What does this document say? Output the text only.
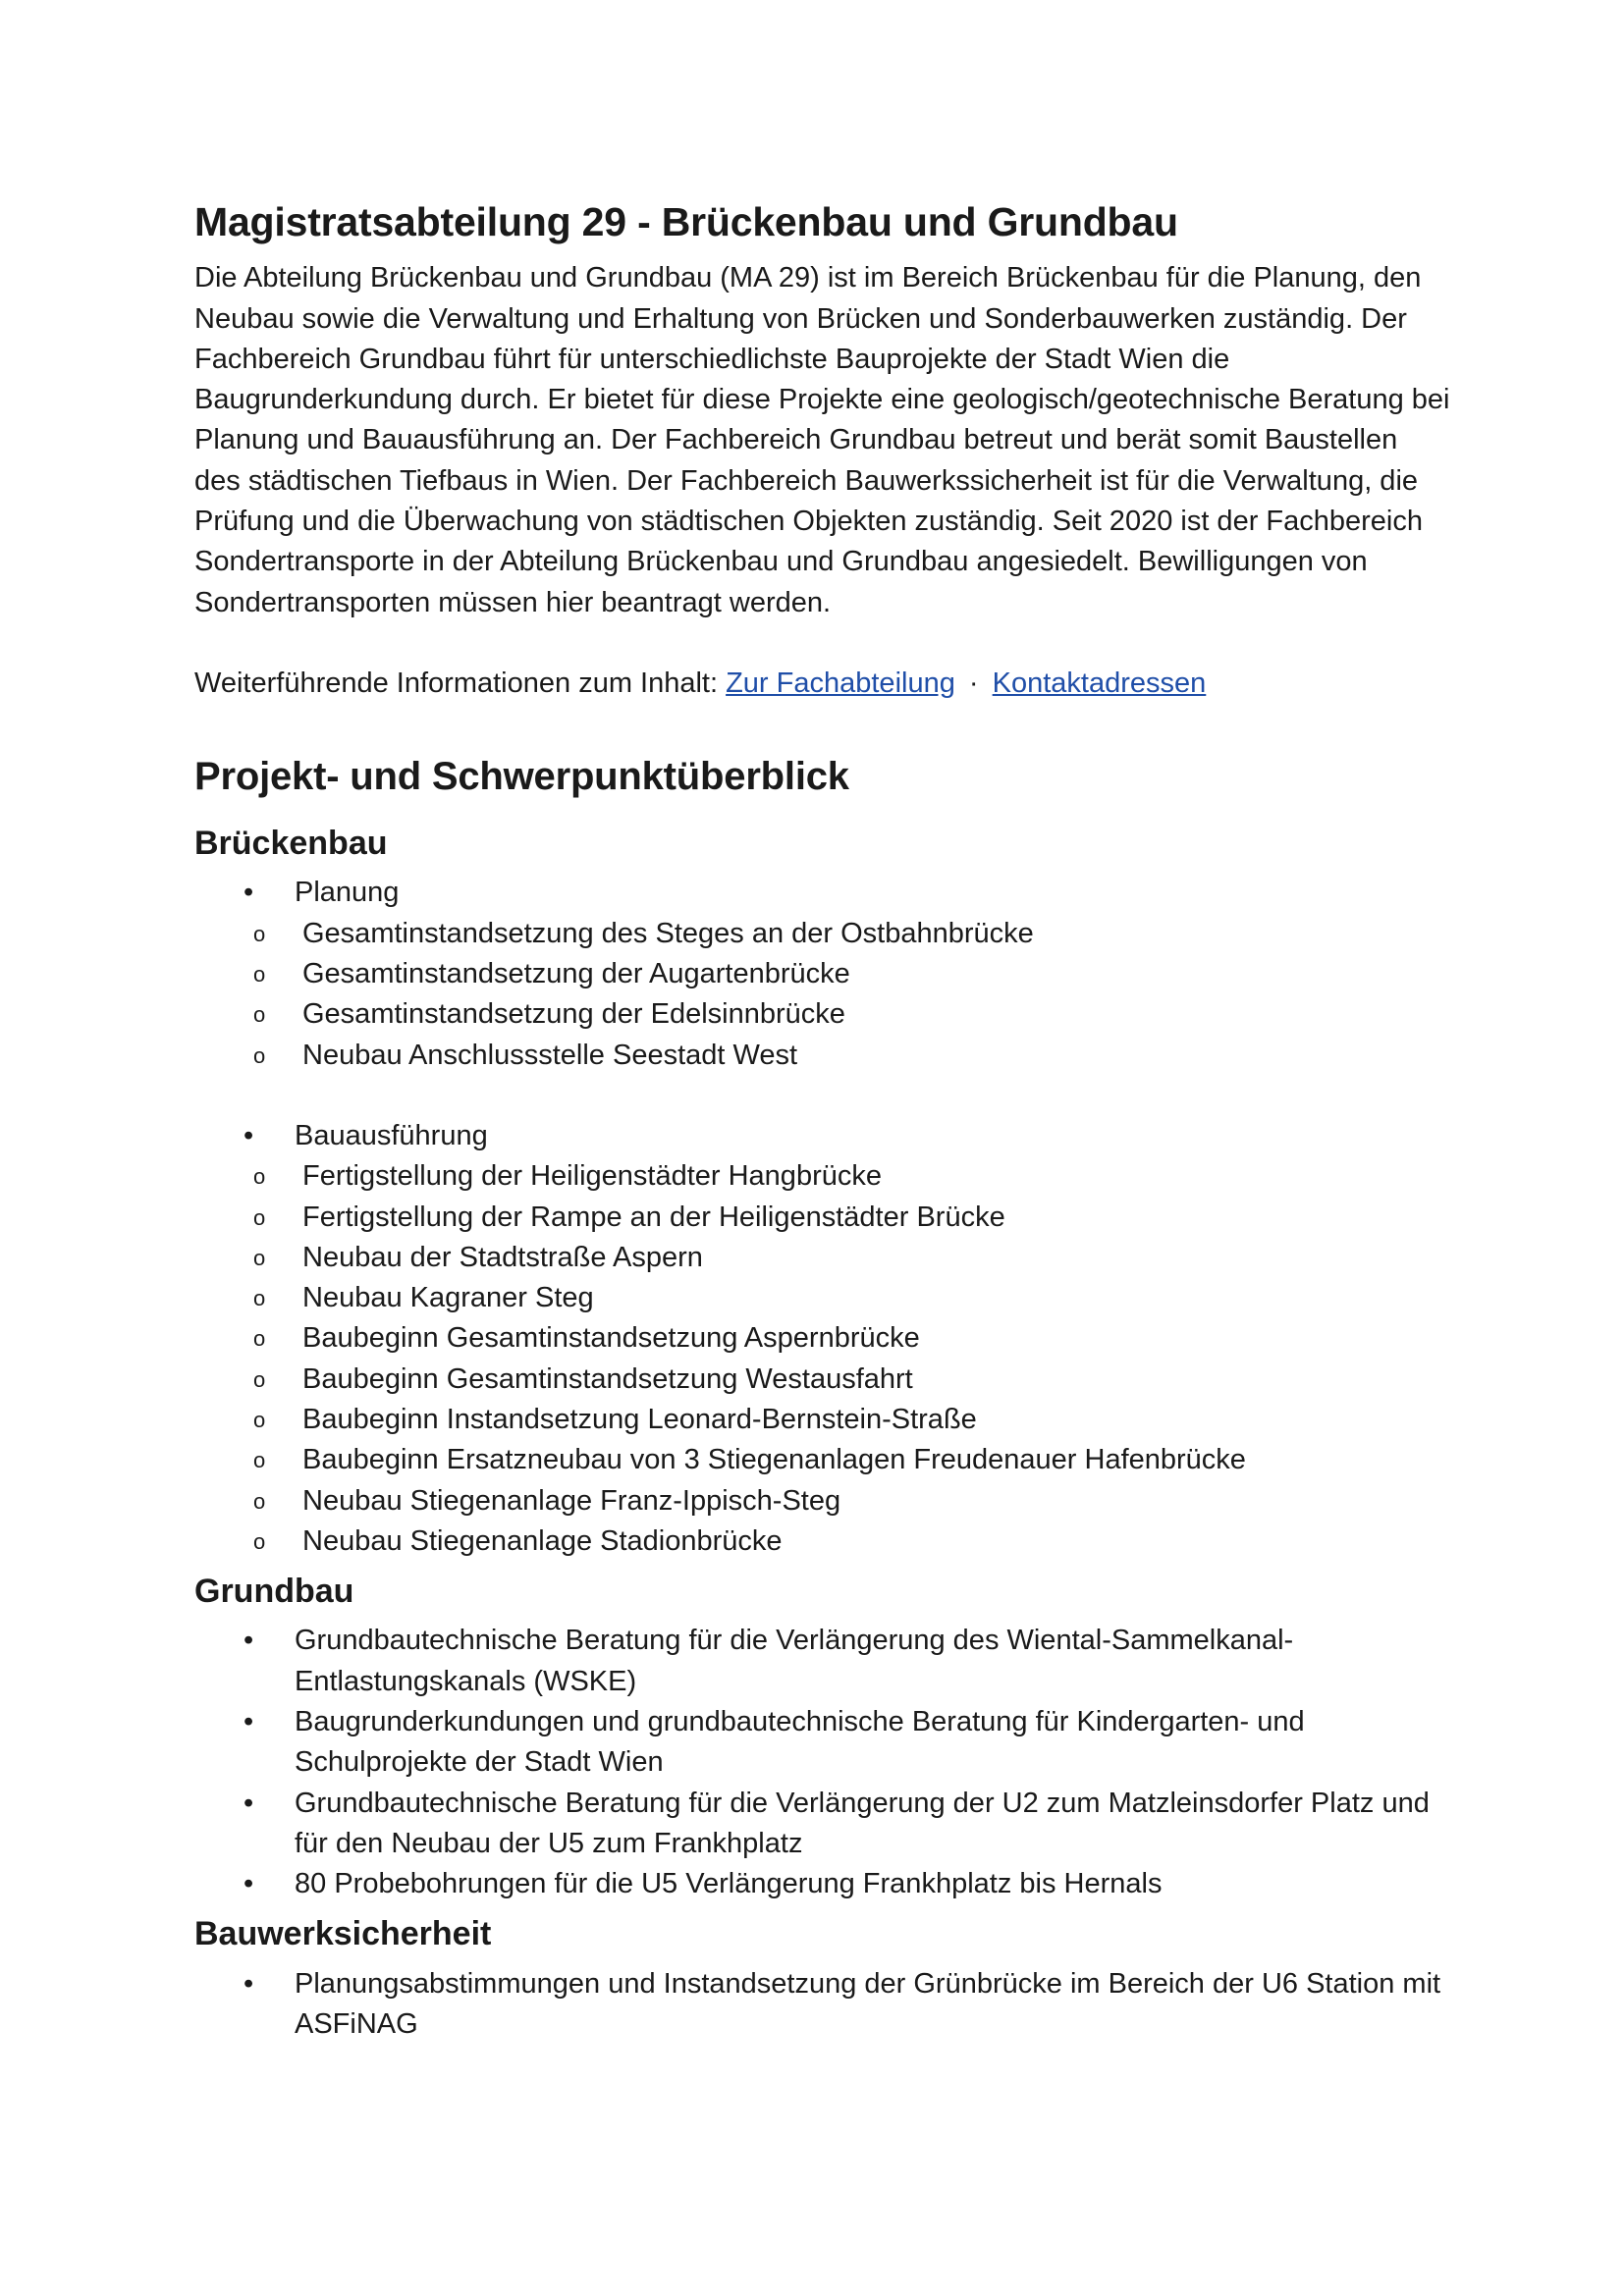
Magistratsabteilung 29 - Brückenbau und Grundbau

Die Abteilung Brückenbau und Grundbau (MA 29) ist im Bereich Brückenbau für die Planung, den Neubau sowie die Verwaltung und Erhaltung von Brücken und Sonderbauwerken zuständig. Der Fachbereich Grundbau führt für unterschiedlichste Bauprojekte der Stadt Wien die Baugrunderkundung durch. Er bietet für diese Projekte eine geologisch/geotechnische Beratung bei Planung und Bauausführung an. Der Fachbereich Grundbau betreut und berät somit Baustellen des städtischen Tiefbaus in Wien. Der Fachbereich Bauwerkssicherheit ist für die Verwaltung, die Prüfung und die Überwachung von städtischen Objekten zuständig. Seit 2020 ist der Fachbereich Sondertransporte in der Abteilung Brückenbau und Grundbau angesiedelt. Bewilligungen von Sondertransporten müssen hier beantragt werden.

Weiterführende Informationen zum Inhalt: Zur Fachabteilung · Kontaktadressen

Projekt- und Schwerpunktüberblick
Brückenbau
• Planung
o Gesamtinstandsetzung des Steges an der Ostbahnbrücke
o Gesamtinstandsetzung der Augartenbrücke
o Gesamtinstandsetzung der Edelsinnbrücke
o Neubau Anschlussstelle Seestadt West
• Bauausführung
o Fertigstellung der Heiligenstädter Hangbrücke
o Fertigstellung der Rampe an der Heiligenstädter Brücke
o Neubau der Stadtstraße Aspern
o Neubau Kagraner Steg
o Baubeginn Gesamtinstandsetzung Aspernbrücke
o Baubeginn Gesamtinstandsetzung Westausfahrt
o Baubeginn Instandsetzung Leonard-Bernstein-Straße
o Baubeginn Ersatzneubau von 3 Stiegenanlagen Freudenauer Hafenbrücke
o Neubau Stiegenanlage Franz-Ippisch-Steg
o Neubau Stiegenanlage Stadionbrücke
Grundbau
• Grundbautechnische Beratung für die Verlängerung des Wiental-Sammelkanal-Entlastungskanals (WSKE)
• Baugrunderkundungen und grundbautechnische Beratung für Kindergarten- und Schulprojekte der Stadt Wien
• Grundbautechnische Beratung für die Verlängerung der U2 zum Matzleinsdorfer Platz und für den Neubau der U5 zum Frankhplatz
• 80 Probebohrungen für die U5 Verlängerung Frankhplatz bis Hernals
Bauwerksicherheit
• Planungsabstimmungen und Instandsetzung der Grünbrücke im Bereich der U6 Station mit ASFiNAG
